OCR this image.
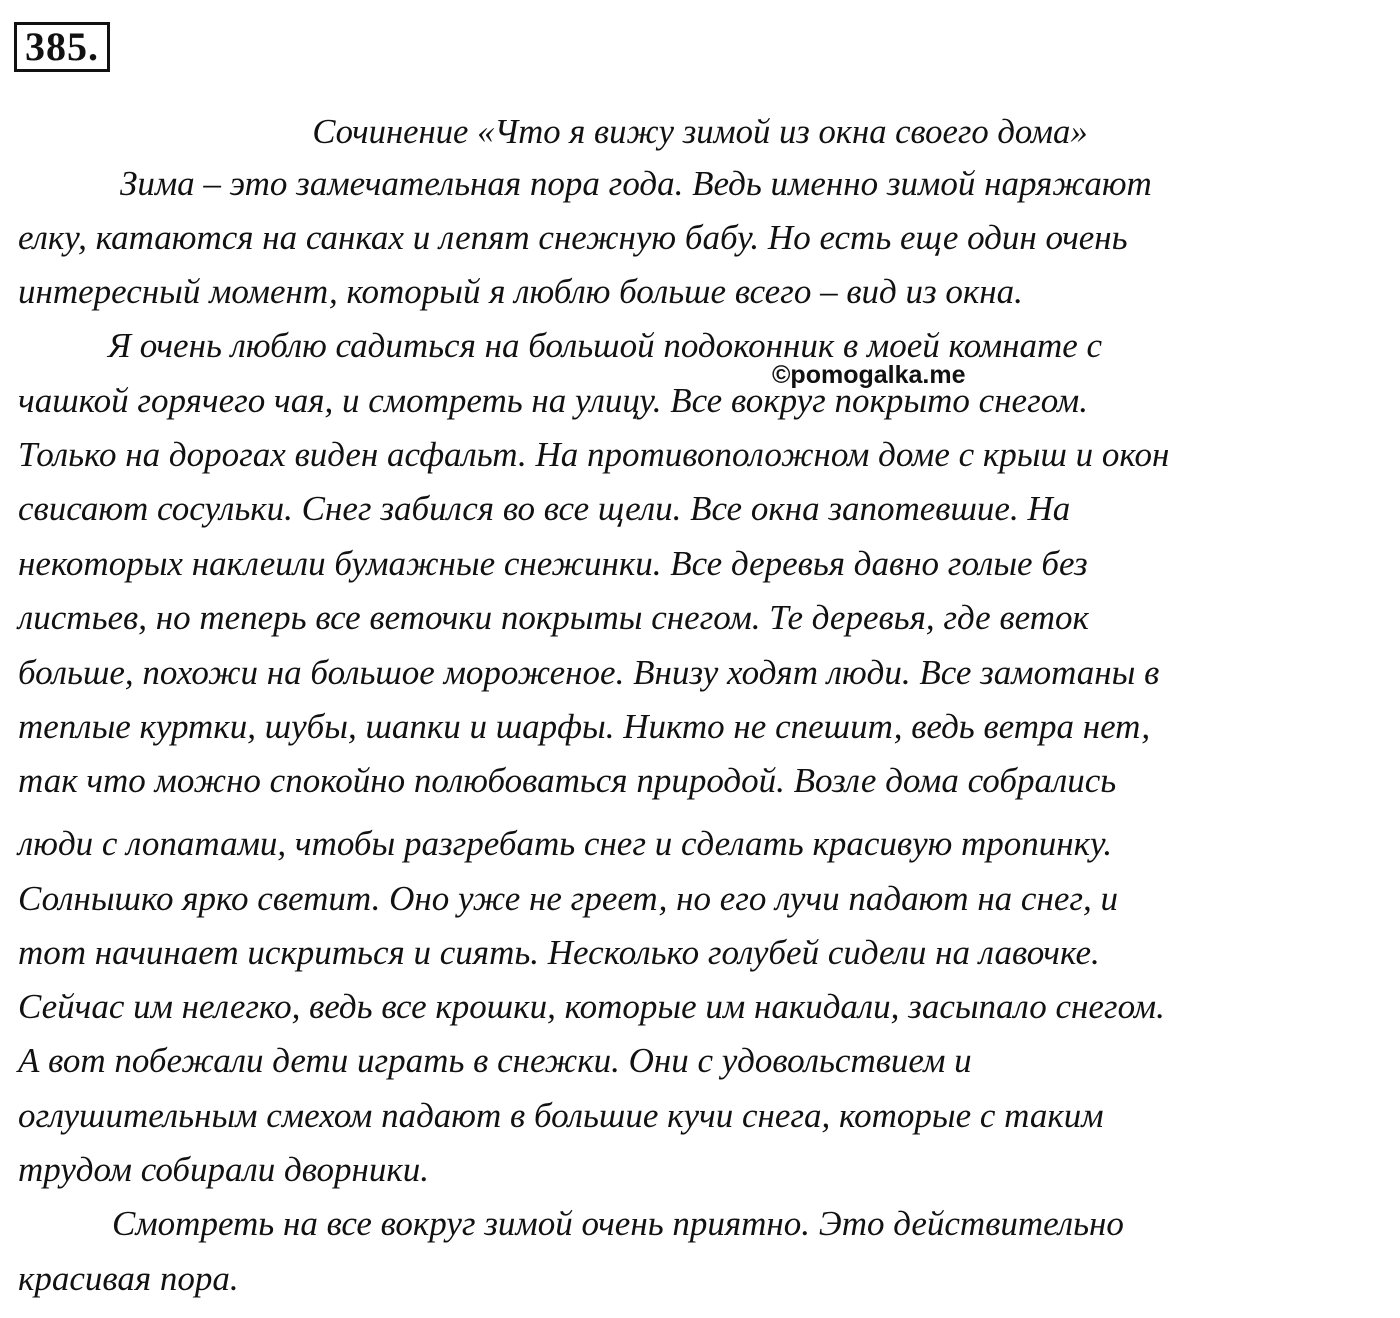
385.
Сочинение «Что я вижу зимой из окна своего дома»
Зима – это замечательная пора года. Ведь именно зимой наряжают
елку, катаются на санках и лепят снежную бабу. Но есть еще один очень
интересный момент, который я люблю больше всего – вид из окна.
Я очень люблю садиться на большой подоконник в моей комнате с
чашкой горячего чая, и смотреть на улицу. Все вокруг покрыто снегом.
Только на дорогах виден асфальт. На противоположном доме с крыш и окон
свисают сосульки. Снег забился во все щели. Все окна запотевшие. На
некоторых наклеили бумажные снежинки. Все деревья давно голые без
листьев, но теперь все веточки покрыты снегом. Те деревья, где веток
больше, похожи на большое мороженое. Внизу ходят люди. Все замотаны в
теплые куртки, шубы, шапки и шарфы. Никто не спешит, ведь ветра нет,
так что можно спокойно полюбоваться природой. Возле дома собрались
люди с лопатами, чтобы разгребать снег и сделать красивую тропинку.
Солнышко ярко светит. Оно уже не греет, но его лучи падают на снег, и
тот начинает искриться и сиять. Несколько голубей сидели на лавочке.
Сейчас им нелегко, ведь все крошки, которые им накидали, засыпало снегом.
А вот побежали дети играть в снежки. Они с удовольствием и
оглушительным смехом падают в большие кучи снега, которые с таким
трудом собирали дворники.
Смотреть на все вокруг зимой очень приятно. Это действительно
красивая пора.
©pomogalka.me
